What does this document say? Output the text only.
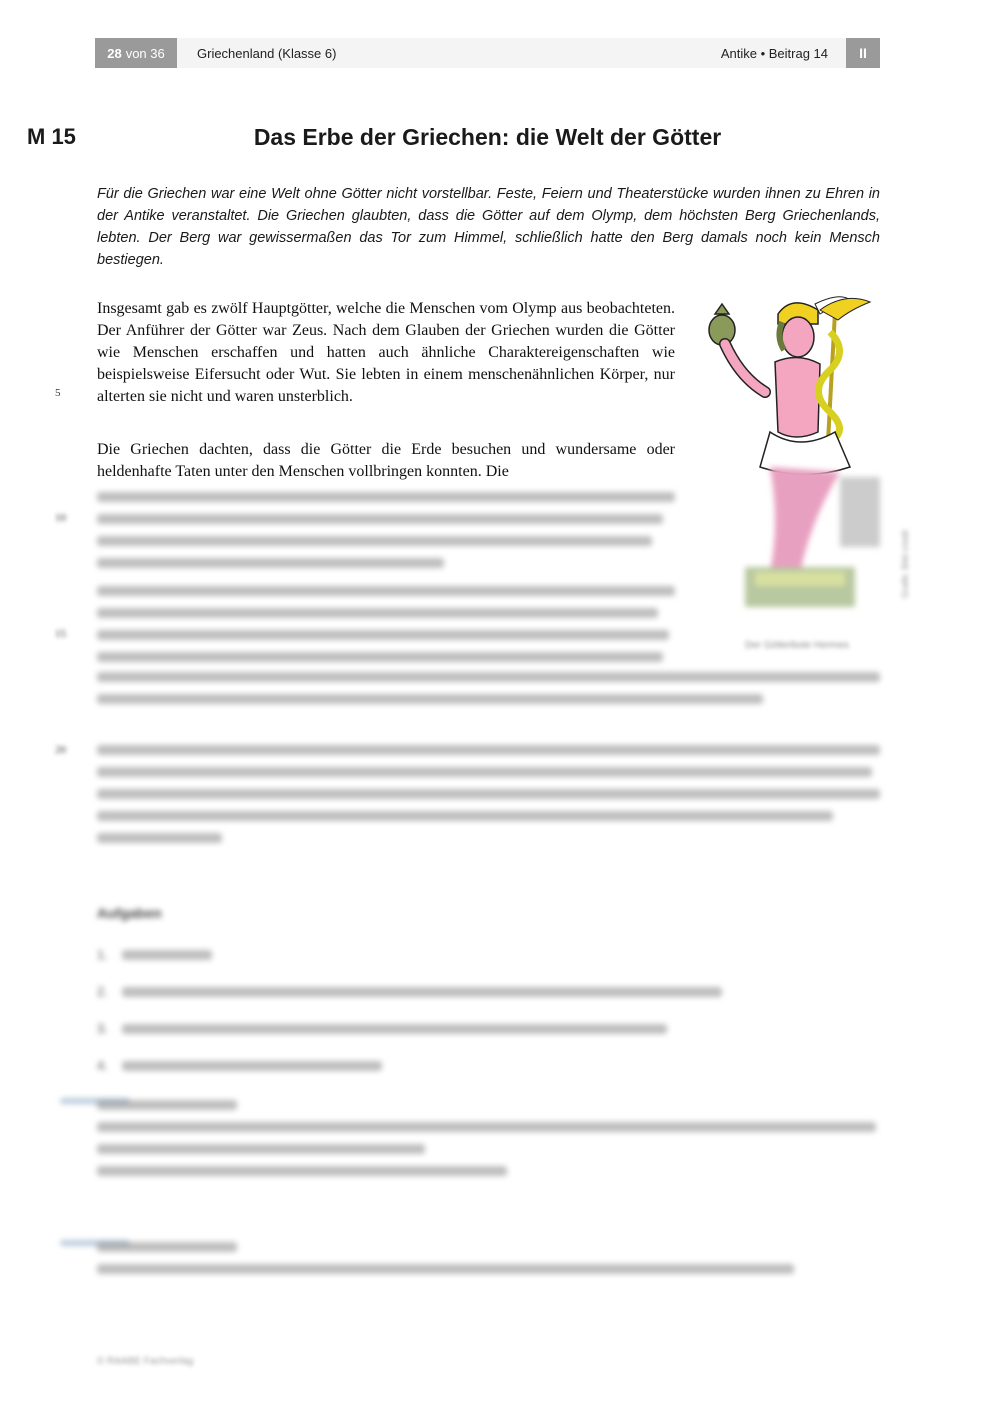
28 von 36 Griechenland (Klasse 6)	Antike • Beitrag 14	II
M 15	Das Erbe der Griechen: die Welt der Götter
Für die Griechen war eine Welt ohne Götter nicht vorstellbar. Feste, Feiern und Theaterstücke wurden ihnen zu Ehren in der Antike veranstaltet. Die Griechen glaubten, dass die Götter auf dem Olymp, dem höchsten Berg Griechenlands, lebten. Der Berg war gewissermaßen das Tor zum Himmel, schließlich hatte den Berg damals noch kein Mensch bestiegen.
Insgesamt gab es zwölf Hauptgötter, welche die Menschen vom Olymp aus beobachteten. Der Anführer der Götter war Zeus. Nach dem Glauben der Griechen wurden die Götter wie Menschen erschaffen und hatten auch ähnliche Charaktereigenschaften wie beispielsweise Eifersucht oder Wut. Sie lebten in einem menschenähnlichen Körper, nur alterten sie nicht und waren unsterblich.
5
Die Griechen dachten, dass die Götter die Erde besuchen und wundersame oder heldenhafte Taten unter den Menschen vollbringen konnten. Die
10
15
20
Der Götterbote Hermes
Grafik: Bild credit
Aufgaben
1.
2.
3.
4.
© RAABE Fachverlag
